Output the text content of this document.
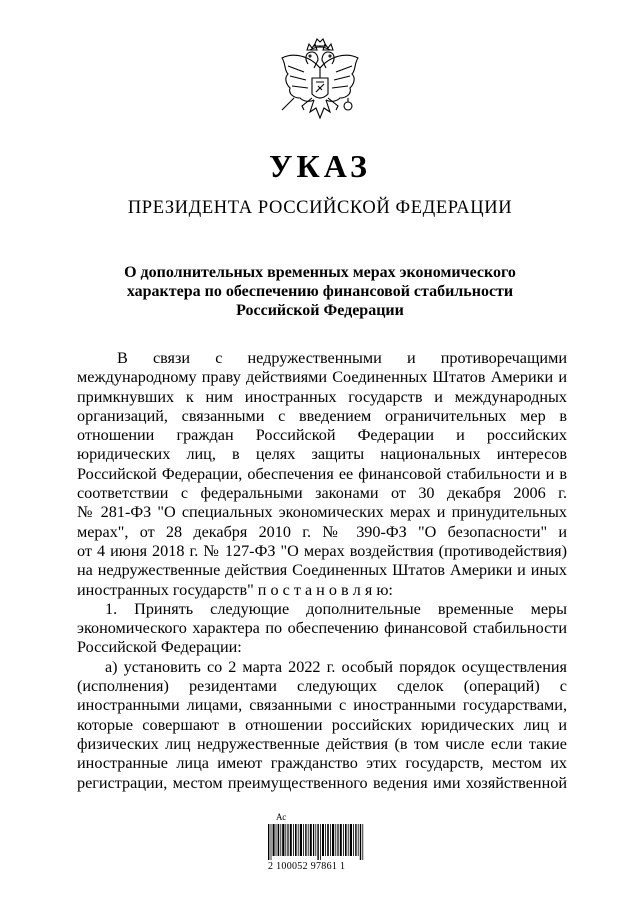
УКАЗ
ПРЕЗИДЕНТА РОССИЙСКОЙ ФЕДЕРАЦИИ
О дополнительных временных мерах экономического
характера по обеспечению финансовой стабильности
Российской Федерации
В связи с недружественными и противоречащими
международному праву действиями Соединенных Штатов Америки и
примкнувших к ним иностранных государств и международных
организаций, связанными с введением ограничительных мер в
отношении граждан Российской Федерации и российских
юридических лиц, в целях защиты национальных интересов
Российской Федерации, обеспечения ее финансовой стабильности и в
соответствии с федеральными законами от 30 декабря 2006 г.
№ 281-ФЗ "О специальных экономических мерах и принудительных
мерах", от 28 декабря 2010 г. № 390-ФЗ "О безопасности" и
от 4 июня 2018 г. № 127-ФЗ "О мерах воздействия (противодействия)
на недружественные действия Соединенных Штатов Америки и иных
иностранных государств" п о с т а н о в л я ю:
1. Принять следующие дополнительные временные меры
экономического характера по обеспечению финансовой стабильности
Российской Федерации:
а) установить со 2 марта 2022 г. особый порядок осуществления
(исполнения) резидентами следующих сделок (операций) с
иностранными лицами, связанными с иностранными государствами,
которые совершают в отношении российских юридических лиц и
физических лиц недружественные действия (в том числе если такие
иностранные лица имеют гражданство этих государств, местом их
регистрации, местом преимущественного ведения ими хозяйственной
Ас
2 100052 97861 1
